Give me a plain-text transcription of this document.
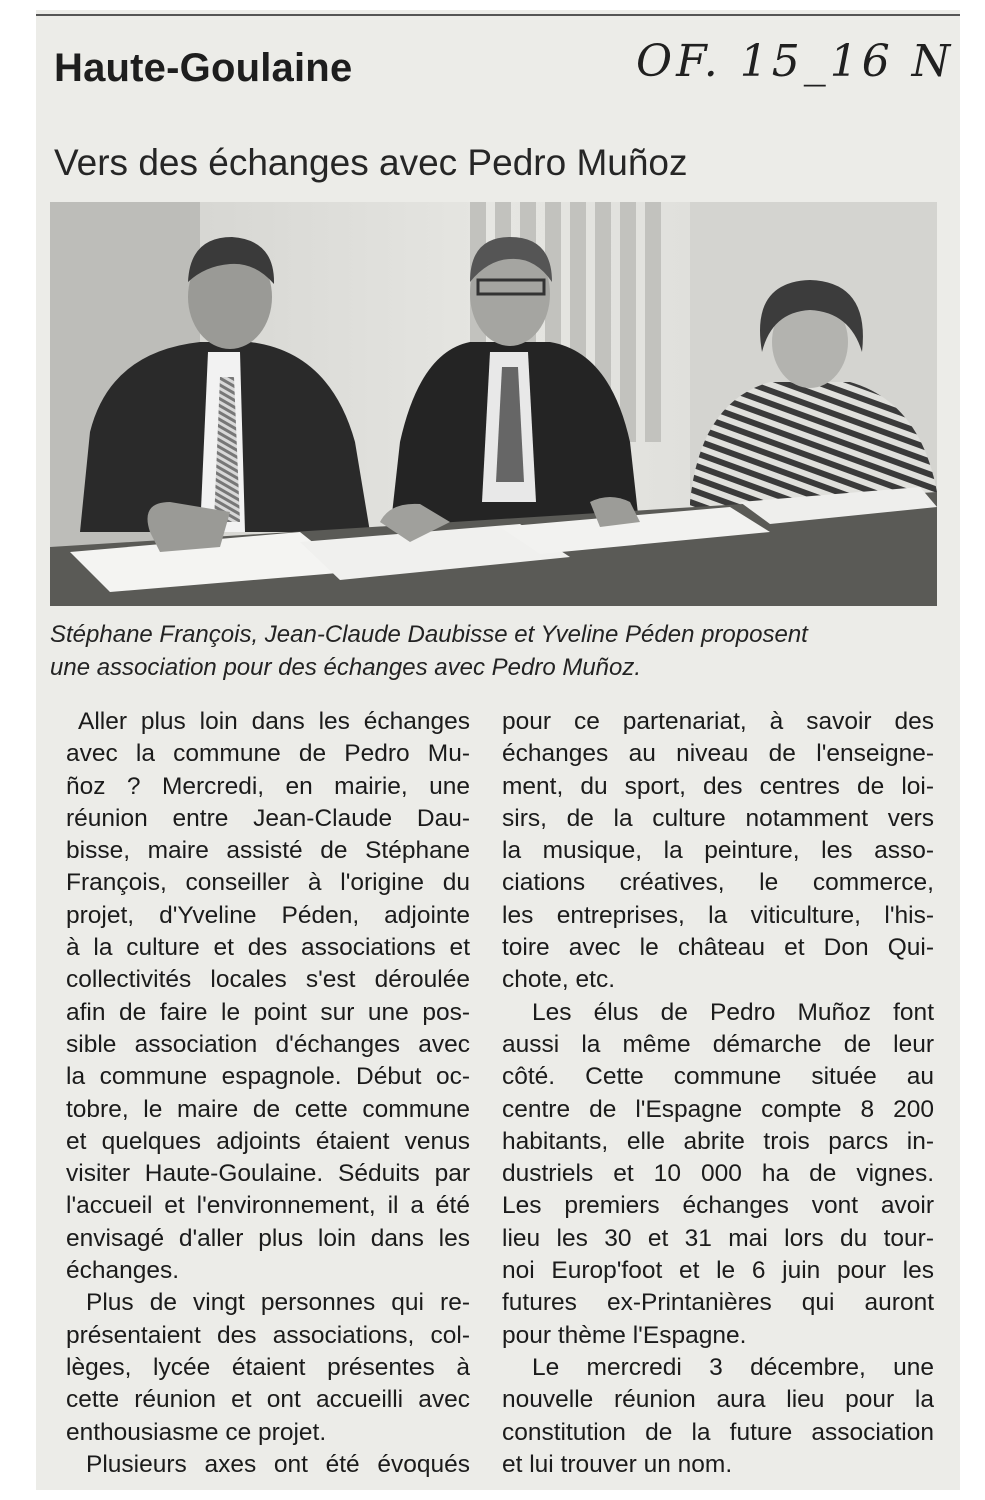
Haute-Goulaine	OF. 15_16 N
Vers des échanges avec Pedro Muñoz
Stéphane François, Jean-Claude Daubisse et Yveline Péden proposent
une association pour des échanges avec Pedro Muñoz.
Aller plus loin dans les échanges
avec la commune de Pedro Mu-
ñoz ? Mercredi, en mairie, une
réunion entre Jean-Claude Dau-
bisse, maire assisté de Stéphane
François, conseiller à l'origine du
projet, d'Yveline Péden, adjointe
à la culture et des associations et
collectivités locales s'est déroulée
afin de faire le point sur une pos-
sible association d'échanges avec
la commune espagnole. Début oc-
tobre, le maire de cette commune
et quelques adjoints étaient venus
visiter Haute-Goulaine. Séduits par
l'accueil et l'environnement, il a été
envisagé d'aller plus loin dans les
échanges.
Plus de vingt personnes qui re-
présentaient des associations, col-
lèges, lycée étaient présentes à
cette réunion et ont accueilli avec
enthousiasme ce projet.
Plusieurs axes ont été évoqués
pour ce partenariat, à savoir des
échanges au niveau de l'enseigne-
ment, du sport, des centres de loi-
sirs, de la culture notamment vers
la musique, la peinture, les asso-
ciations créatives, le commerce,
les entreprises, la viticulture, l'his-
toire avec le château et Don Qui-
chote, etc.
Les élus de Pedro Muñoz font
aussi la même démarche de leur
côté. Cette commune située au
centre de l'Espagne compte 8 200
habitants, elle abrite trois parcs in-
dustriels et 10 000 ha de vignes.
Les premiers échanges vont avoir
lieu les 30 et 31 mai lors du tour-
noi Europ'foot et le 6 juin pour les
futures ex-Printanières qui auront
pour thème l'Espagne.
Le mercredi 3 décembre, une
nouvelle réunion aura lieu pour la
constitution de la future association
et lui trouver un nom.
